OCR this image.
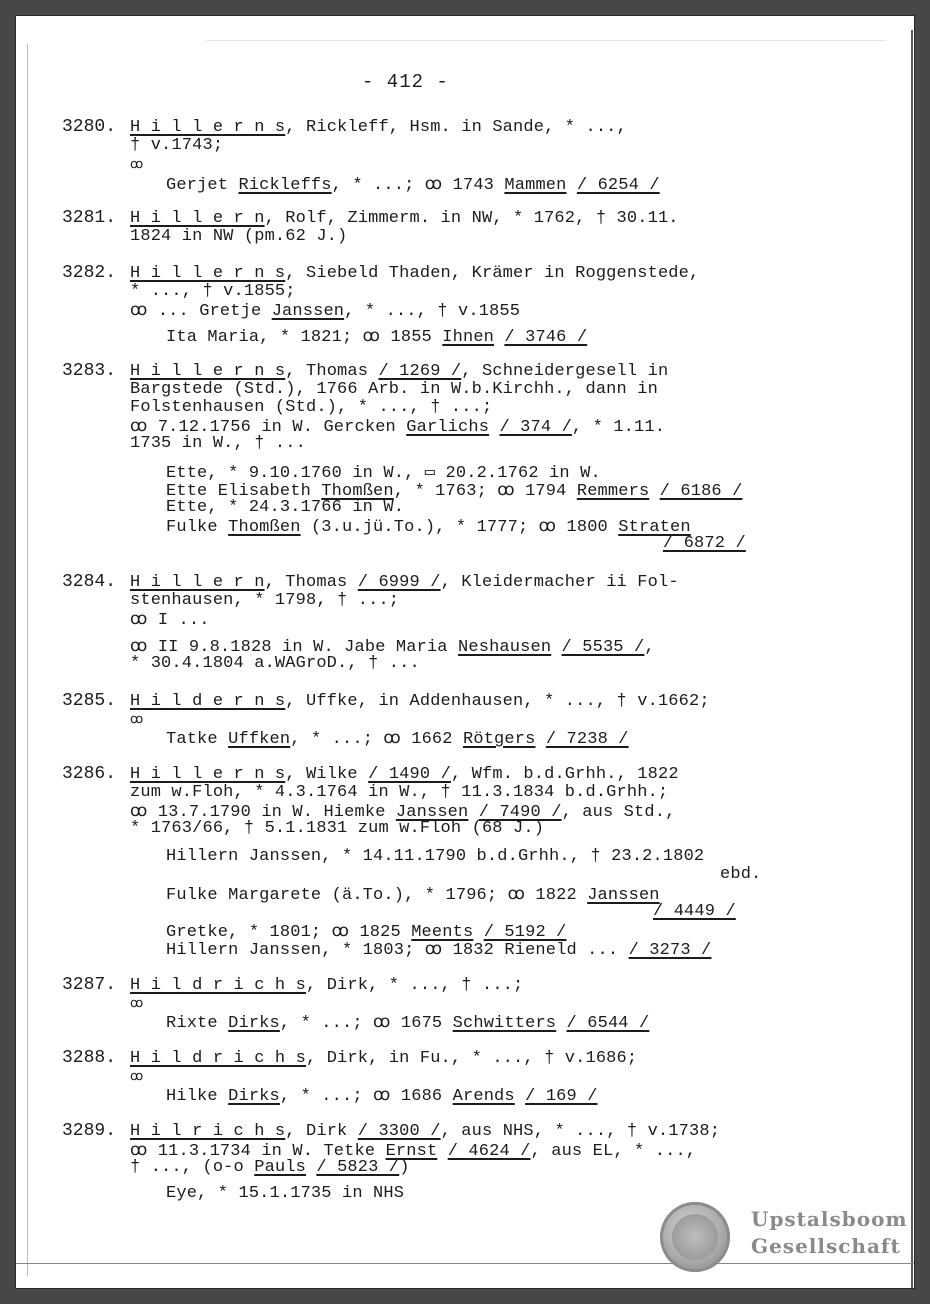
- 412 -
3280. H i l l e r n s, Rickleff, Hsm. in Sande, * ...,
† v.1743;
ꝏ
Gerjet Rickleffs, * ...; ꝏ 1743 Mammen / 6254 /
3281. H i l l e r n, Rolf, Zimmerm. in NW, * 1762, † 30.11.
1824 in NW (pm.62 J.)
3282. H i l l e r n s, Siebeld Thaden, Krämer in Roggenstede,
* ..., † v.1855;
ꝏ ... Gretje Janssen, * ..., † v.1855
Ita Maria, * 1821; ꝏ 1855 Ihnen / 3746 /
3283. H i l l e r n s, Thomas / 1269 /, Schneidergesell in
Bargstede (Std.), 1766 Arb. in W.b.Kirchh., dann in
Folstenhausen (Std.), * ..., † ...;
ꝏ 7.12.1756 in W. Gercken Garlichs / 374 /, * 1.11.
1735 in W., † ...
Ette, * 9.10.1760 in W., ▭ 20.2.1762 in W.
Ette Elisabeth Thomßen, * 1763; ꝏ 1794 Remmers / 6186 /
Ette, * 24.3.1766 in W.
Fulke Thomßen (3.u.jü.To.), * 1777; ꝏ 1800 Straten
/ 6872 /
3284. H i l l e r n, Thomas / 6999 /, Kleidermacher ii Fol-
stenhausen, * 1798, † ...;
ꝏ I ...
ꝏ II 9.8.1828 in W. Jabe Maria Neshausen / 5535 /,
* 30.4.1804 a.WAGroD., † ...
3285. H i l d e r n s, Uffke, in Addenhausen, * ..., † v.1662;
ꝏ
Tatke Uffken, * ...; ꝏ 1662 Rötgers / 7238 /
3286. H i l l e r n s, Wilke / 1490 /, Wfm. b.d.Grhh., 1822
zum w.Floh, * 4.3.1764 in W., † 11.3.1834 b.d.Grhh.;
ꝏ 13.7.1790 in W. Hiemke Janssen / 7490 /, aus Std.,
* 1763/66, † 5.1.1831 zum w.Floh (68 J.)
Hillern Janssen, * 14.11.1790 b.d.Grhh., † 23.2.1802
ebd.
Fulke Margarete (ä.To.), * 1796; ꝏ 1822 Janssen
/ 4449 /
Gretke, * 1801; ꝏ 1825 Meents / 5192 /
Hillern Janssen, * 1803; ꝏ 1832 Rieneld ... / 3273 /
3287. H i l d r i c h s, Dirk, * ..., † ...;
ꝏ
Rixte Dirks, * ...; ꝏ 1675 Schwitters / 6544 /
3288. H i l d r i c h s, Dirk, in Fu., * ..., † v.1686;
ꝏ
Hilke Dirks, * ...; ꝏ 1686 Arends / 169 /
3289. H i l r i c h s, Dirk / 3300 /, aus NHS, * ..., † v.1738;
ꝏ 11.3.1734 in W. Tetke Ernst / 4624 /, aus EL, * ...,
† ..., (o-o Pauls / 5823 /)
Eye, * 15.1.1735 in NHS
Upstalsboom
Gesellschaft
